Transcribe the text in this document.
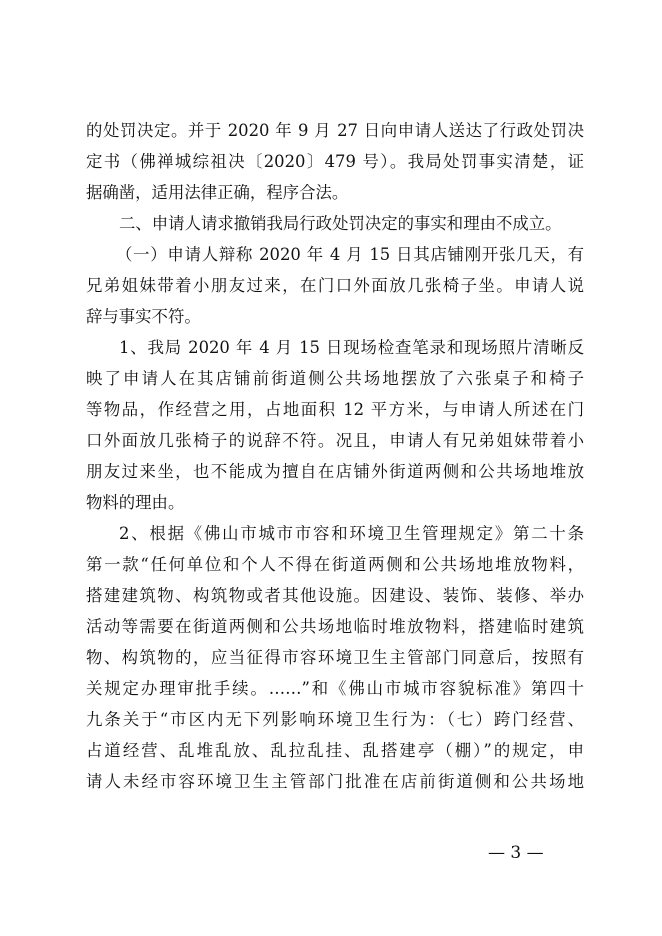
的处罚决定。并于 2020 年 9 月 27 日向申请人送达了行政处罚决
定书（佛禅城综祖决〔2020〕479 号）。我局处罚事实清楚，证
据确凿，适用法律正确，程序合法。
二、申请人请求撤销我局行政处罚决定的事实和理由不成立。
（一）申请人辩称 2020 年 4 月 15 日其店铺刚开张几天，有
兄弟姐妹带着小朋友过来，在门口外面放几张椅子坐。申请人说
辞与事实不符。
1、我局 2020 年 4 月 15 日现场检查笔录和现场照片清晰反
映了申请人在其店铺前街道侧公共场地摆放了六张桌子和椅子
等物品，作经营之用，占地面积 12 平方米，与申请人所述在门
口外面放几张椅子的说辞不符。况且，申请人有兄弟姐妹带着小
朋友过来坐，也不能成为擅自在店铺外街道两侧和公共场地堆放
物料的理由。
2、根据《佛山市城市市容和环境卫生管理规定》第二十条
第一款“任何单位和个人不得在街道两侧和公共场地堆放物料，
搭建建筑物、构筑物或者其他设施。因建设、装饰、装修、举办
活动等需要在街道两侧和公共场地临时堆放物料，搭建临时建筑
物、构筑物的，应当征得市容环境卫生主管部门同意后，按照有
关规定办理审批手续。……”和《佛山市城市容貌标准》第四十
九条关于“市区内无下列影响环境卫生行为：（七）跨门经营、
占道经营、乱堆乱放、乱拉乱挂、乱搭建亭（棚）”的规定，申
请人未经市容环境卫生主管部门批准在店前街道侧和公共场地
— 3 —
